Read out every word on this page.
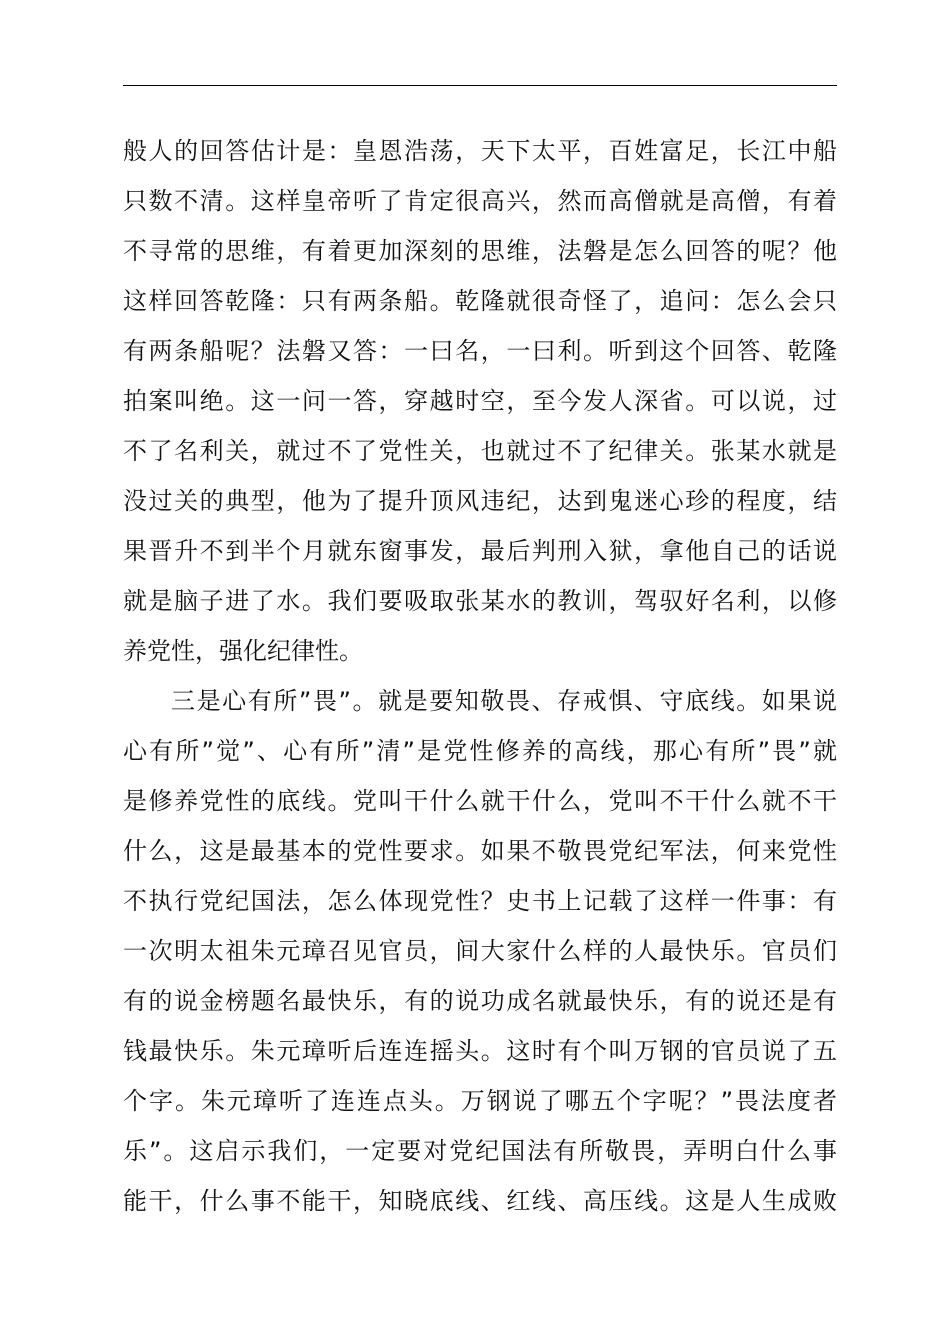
般人的回答估计是：皇恩浩荡，天下太平，百姓富足，长江中船
只数不清。这样皇帝听了肯定很高兴，然而高僧就是高僧，有着
不寻常的思维，有着更加深刻的思维，法磐是怎么回答的呢？他
这样回答乾隆：只有两条船。乾隆就很奇怪了，追问：怎么会只
有两条船呢？法磐又答：一曰名，一曰利。听到这个回答、乾隆
拍案叫绝。这一问一答，穿越时空，至今发人深省。可以说，过
不了名利关，就过不了党性关，也就过不了纪律关。张某水就是
没过关的典型，他为了提升顶风违纪，达到鬼迷心珍的程度，结
果晋升不到半个月就东窗事发，最后判刑入狱，拿他自己的话说
就是脑子进了水。我们要吸取张某水的教训，驾驭好名利，以修
养党性，强化纪律性。
三是心有所”畏”。就是要知敬畏、存戒惧、守底线。如果说
心有所”觉”、心有所”清”是党性修养的高线，那心有所”畏”就
是修养党性的底线。党叫干什么就干什么，党叫不干什么就不干
什么，这是最基本的党性要求。如果不敬畏党纪军法，何来党性
不执行党纪国法，怎么体现党性？史书上记载了这样一件事：有
一次明太祖朱元璋召见官员，间大家什么样的人最快乐。官员们
有的说金榜题名最快乐，有的说功成名就最快乐，有的说还是有
钱最快乐。朱元璋听后连连摇头。这时有个叫万钢的官员说了五
个字。朱元璋听了连连点头。万钢说了哪五个字呢？”畏法度者
乐”。这启示我们，一定要对党纪国法有所敬畏，弄明白什么事
能干，什么事不能干，知晓底线、红线、高压线。这是人生成败
